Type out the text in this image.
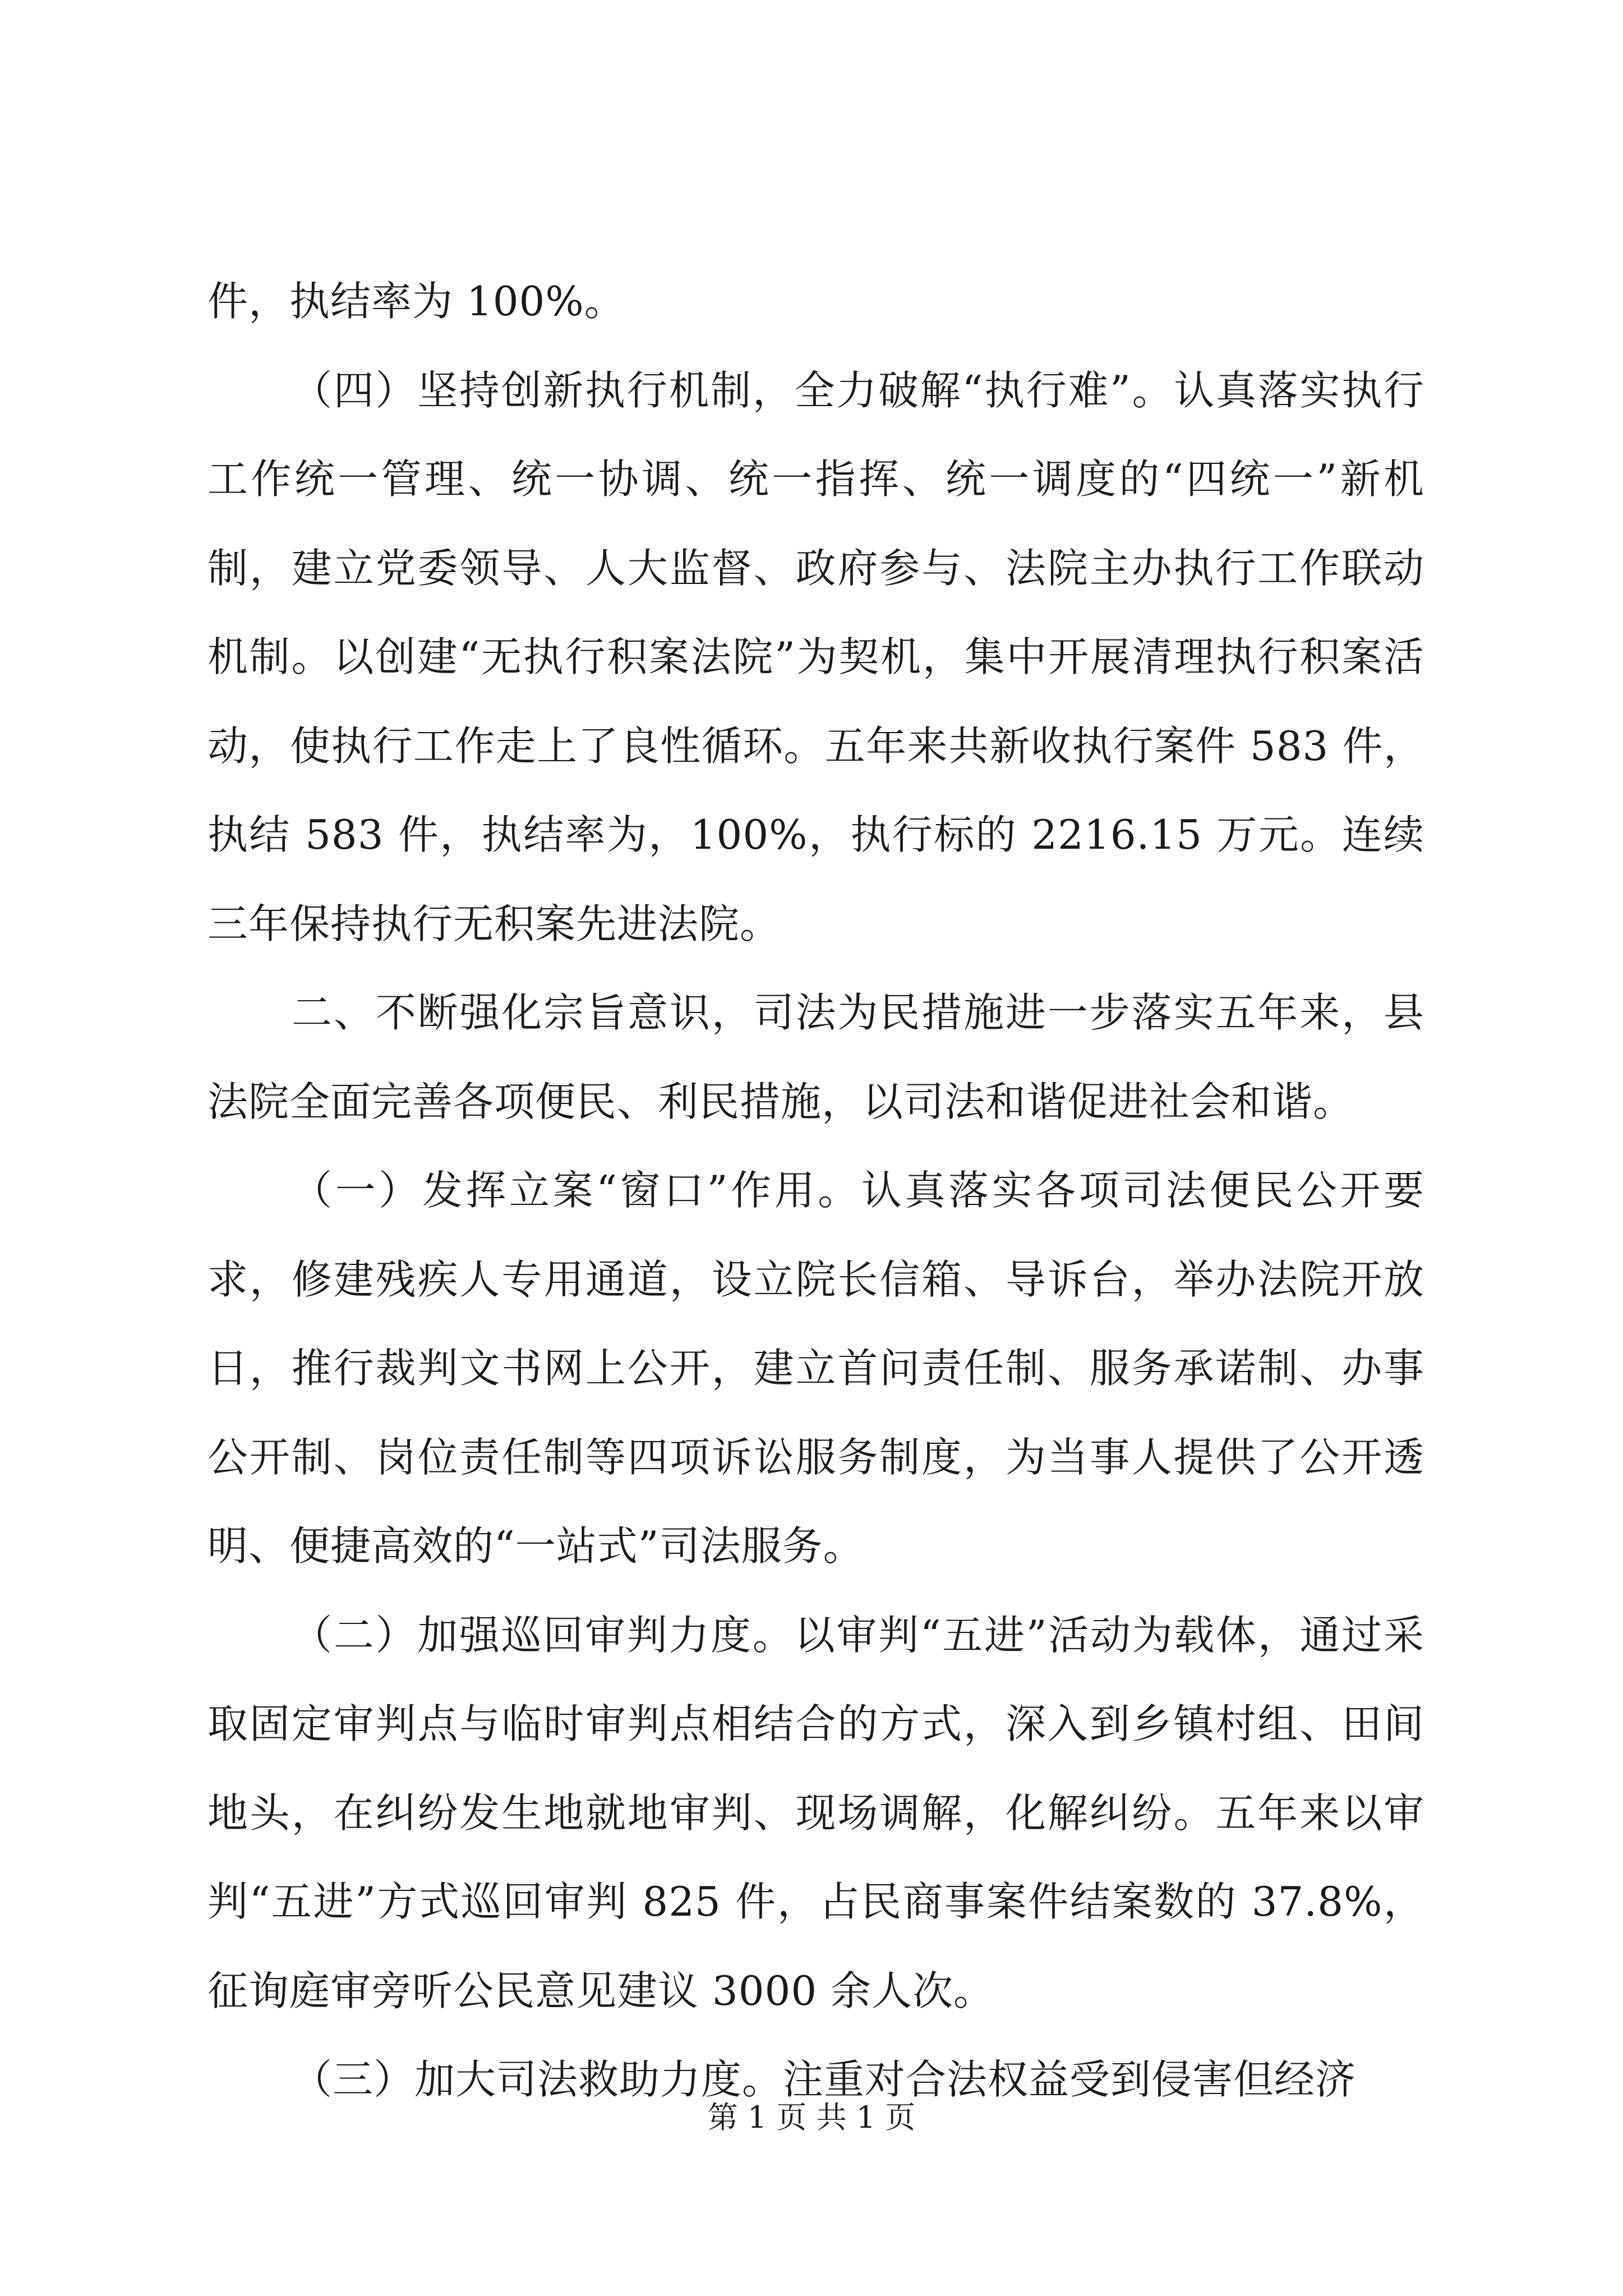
件，执结率为 100%。

（四）坚持创新执行机制，全力破解“执行难”。认真落实执行工作统一管理、统一协调、统一指挥、统一调度的“四统一”新机制，建立党委领导、人大监督、政府参与、法院主办执行工作联动机制。以创建“无执行积案法院”为契机，集中开展清理执行积案活动，使执行工作走上了良性循环。五年来共新收执行案件 583 件，执结 583 件，执结率为，100%，执行标的 2216.15 万元。连续三年保持执行无积案先进法院。

二、不断强化宗旨意识，司法为民措施进一步落实五年来，县法院全面完善各项便民、利民措施，以司法和谐促进社会和谐。

（一）发挥立案“窗口”作用。认真落实各项司法便民公开要求，修建残疾人专用通道，设立院长信箱、导诉台，举办法院开放日，推行裁判文书网上公开，建立首问责任制、服务承诺制、办事公开制、岗位责任制等四项诉讼服务制度，为当事人提供了公开透明、便捷高效的“一站式”司法服务。

（二）加强巡回审判力度。以审判“五进”活动为载体，通过采取固定审判点与临时审判点相结合的方式，深入到乡镇村组、田间地头，在纠纷发生地就地审判、现场调解，化解纠纷。五年来以审判“五进”方式巡回审判 825 件，占民商事案件结案数的 37.8%，征询庭审旁听公民意见建议 3000 余人次。

（三）加大司法救助力度。注重对合法权益受到侵害但经济

第 1 页 共 1 页
